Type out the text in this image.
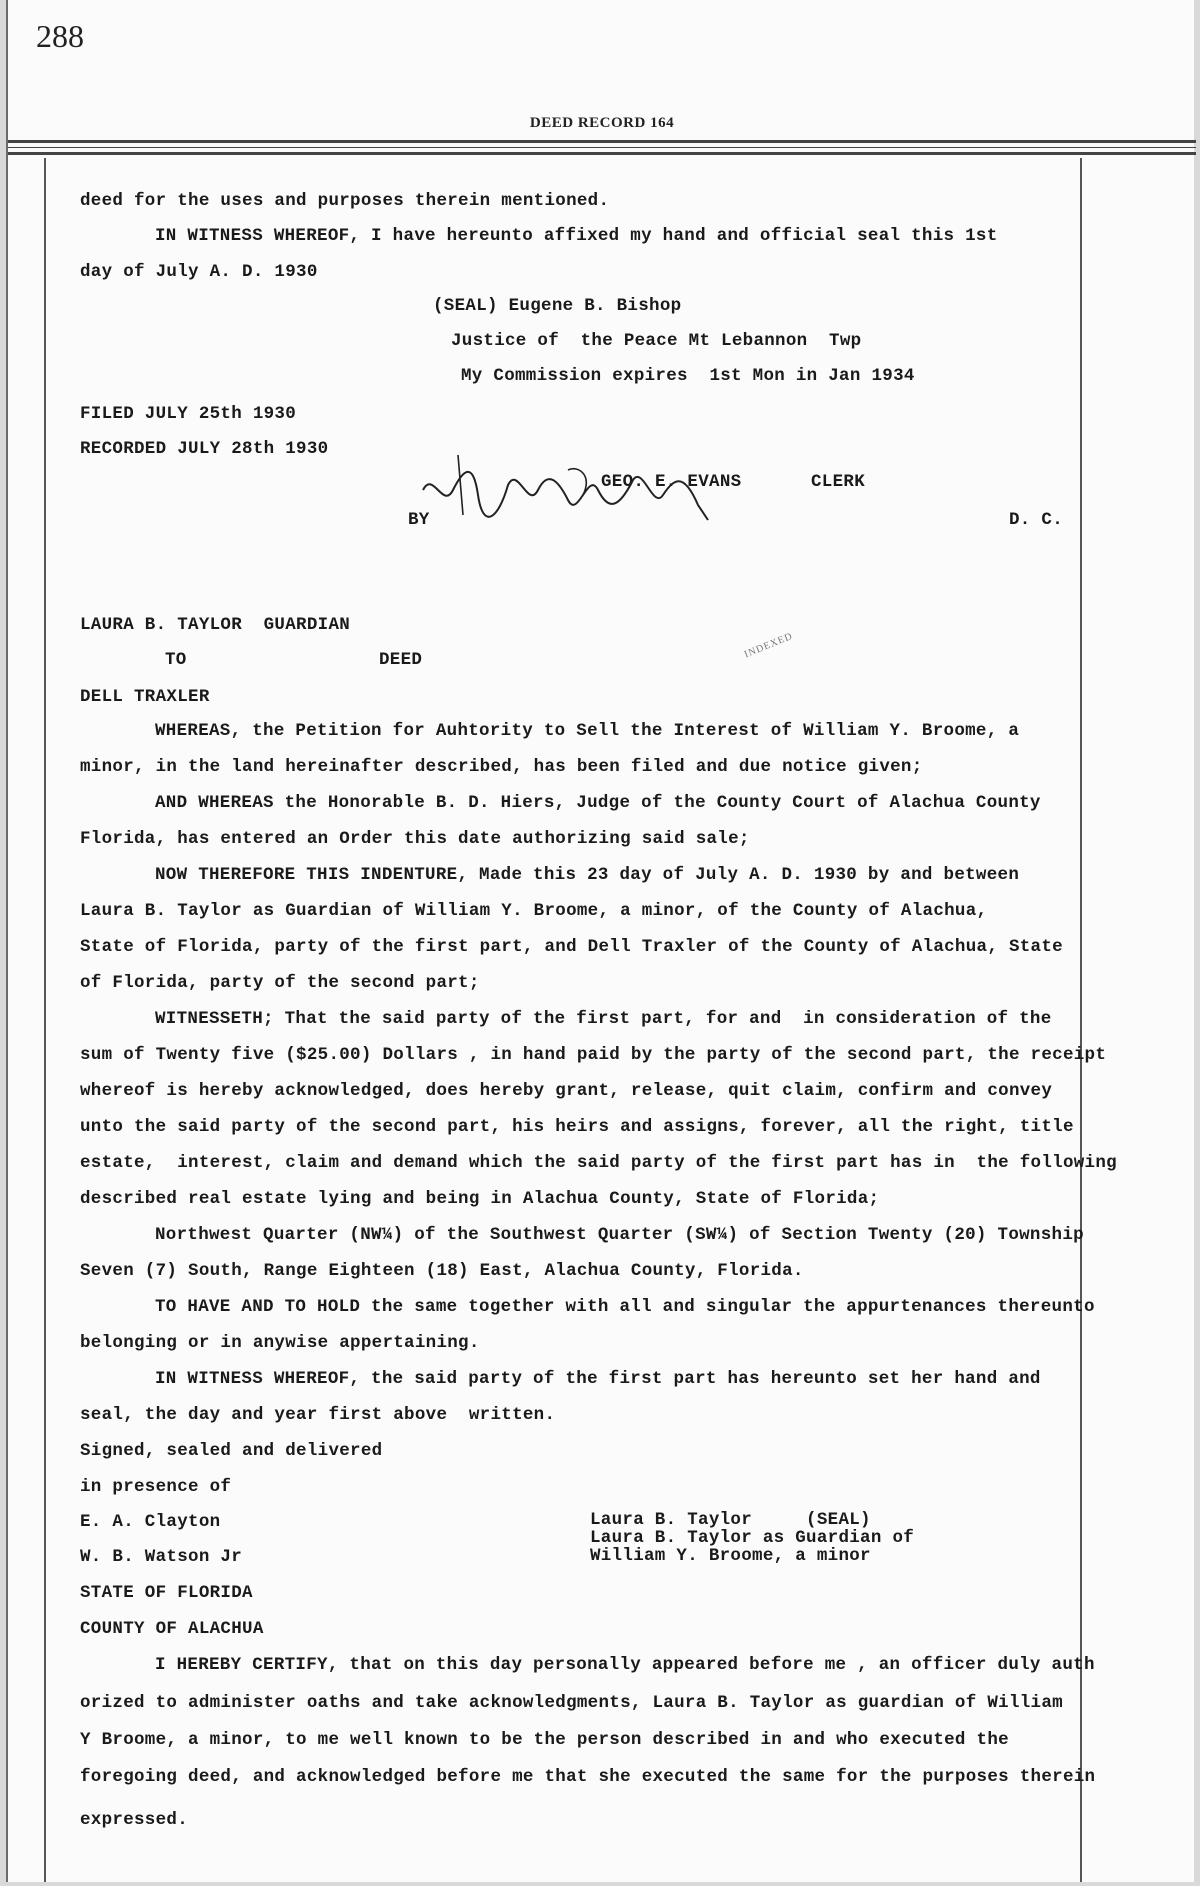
288
DEED RECORD 164
deed for the uses and purposes therein mentioned.
IN WITNESS WHEREOF, I have hereunto affixed my hand and official seal this 1st
day of July A. D. 1930
(SEAL) Eugene B. Bishop
Justice of  the Peace Mt Lebannon  Twp
My Commission expires  1st Mon in Jan 1934
FILED JULY 25th 1930
RECORDED JULY 28th 1930
GEO. E. EVANS	CLERK
BY	D. C.
LAURA B. TAYLOR  GUARDIAN
TO	DEED	INDEXED
DELL TRAXLER
WHEREAS, the Petition for Auhtority to Sell the Interest of William Y. Broome, a
minor, in the land hereinafter described, has been filed and due notice given;
AND WHEREAS the Honorable B. D. Hiers, Judge of the County Court of Alachua County
Florida, has entered an Order this date authorizing said sale;
NOW THEREFORE THIS INDENTURE, Made this 23 day of July A. D. 1930 by and between
Laura B. Taylor as Guardian of William Y. Broome, a minor, of the County of Alachua,
State of Florida, party of the first part, and Dell Traxler of the County of Alachua, State
of Florida, party of the second part;
WITNESSETH; That the said party of the first part, for and  in consideration of the
sum of Twenty five ($25.00) Dollars , in hand paid by the party of the second part, the receipt
whereof is hereby acknowledged, does hereby grant, release, quit claim, confirm and convey
unto the said party of the second part, his heirs and assigns, forever, all the right, title
estate,  interest, claim and demand which the said party of the first part has in  the following
described real estate lying and being in Alachua County, State of Florida;
Northwest Quarter (NW¼) of the Southwest Quarter (SW¼) of Section Twenty (20) Township
Seven (7) South, Range Eighteen (18) East, Alachua County, Florida.
TO HAVE AND TO HOLD the same together with all and singular the appurtenances thereunto
belonging or in anywise appertaining.
IN WITNESS WHEREOF, the said party of the first part has hereunto set her hand and
seal, the day and year first above  written.
Signed, sealed and delivered
in presence of
E. A. Clayton	Laura B. Taylor     (SEAL)
Laura B. Taylor as Guardian of
W. B. Watson Jr	William Y. Broome, a minor
STATE OF FLORIDA
COUNTY OF ALACHUA
I HEREBY CERTIFY, that on this day personally appeared before me , an officer duly auth
orized to administer oaths and take acknowledgments, Laura B. Taylor as guardian of William
Y Broome, a minor, to me well known to be the person described in and who executed the
foregoing deed, and acknowledged before me that she executed the same for the purposes therein
expressed.
